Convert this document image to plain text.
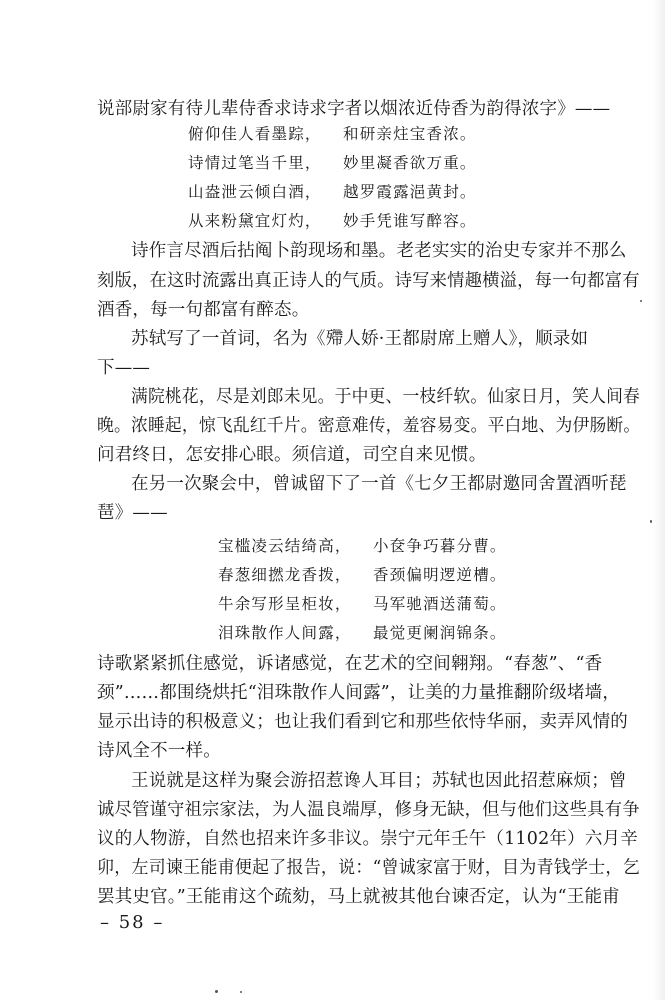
说部尉家有待儿辈侍香求诗求字者以烟浓近侍香为韵得浓字》——
俯仰佳人看墨踪， 和研亲炷宝香浓。
诗情过笔当千里， 妙里凝香欲万重。
山盎泄云倾白酒， 越罗霞露浥黄封。
从来粉黛宜灯灼， 妙手凭谁写醉容。
诗作言尽酒后拈阄卜韵现场和墨。老老实实的治史专家并不那么
刻版，在这时流露出真正诗人的气质。诗写来情趣横溢，每一句都富有
酒香，每一句都富有醉态。
苏轼写了一首词，名为《殢人娇·王都尉席上赠人》，顺录如
下——
满院桃花，尽是刘郎未见。于中更、一枝纤软。仙家日月，笑人间春
晚。浓睡起，惊飞乱红千片。密意难传，羞容易变。平白地、为伊肠断。
问君终日，怎安排心眼。须信道，司空自来见惯。
在另一次聚会中，曾诚留下了一首《七夕王都尉邀同舍置酒听琵
琶》——
宝槛凌云结绮高， 小奁争巧暮分曹。
春葱细撚龙香拨， 香颈偏明逻逆槽。
牛余写形呈柜妆， 马军驰酒送蒲萄。
泪珠散作人间露， 最觉更阑润锦条。
诗歌紧紧抓住感觉，诉诸感觉，在艺术的空间翱翔。“春葱”、“香
颈”……都围绕烘托“泪珠散作人间露”，让美的力量推翻阶级堵墙，
显示出诗的积极意义；也让我们看到它和那些依恃华丽，卖弄风情的
诗风全不一样。
王说就是这样为聚会游招惹谗人耳目；苏轼也因此招惹麻烦；曾
诚尽管谨守祖宗家法，为人温良端厚，修身无缺，但与他们这些具有争
议的人物游，自然也招来许多非议。崇宁元年壬午（1102年）六月辛
卯，左司谏王能甫便起了报告，说：“曾诚家富于财，目为青钱学士，乞
罢其史官。”王能甫这个疏劾，马上就被其他台谏否定，认为“王能甫
– 58 –
